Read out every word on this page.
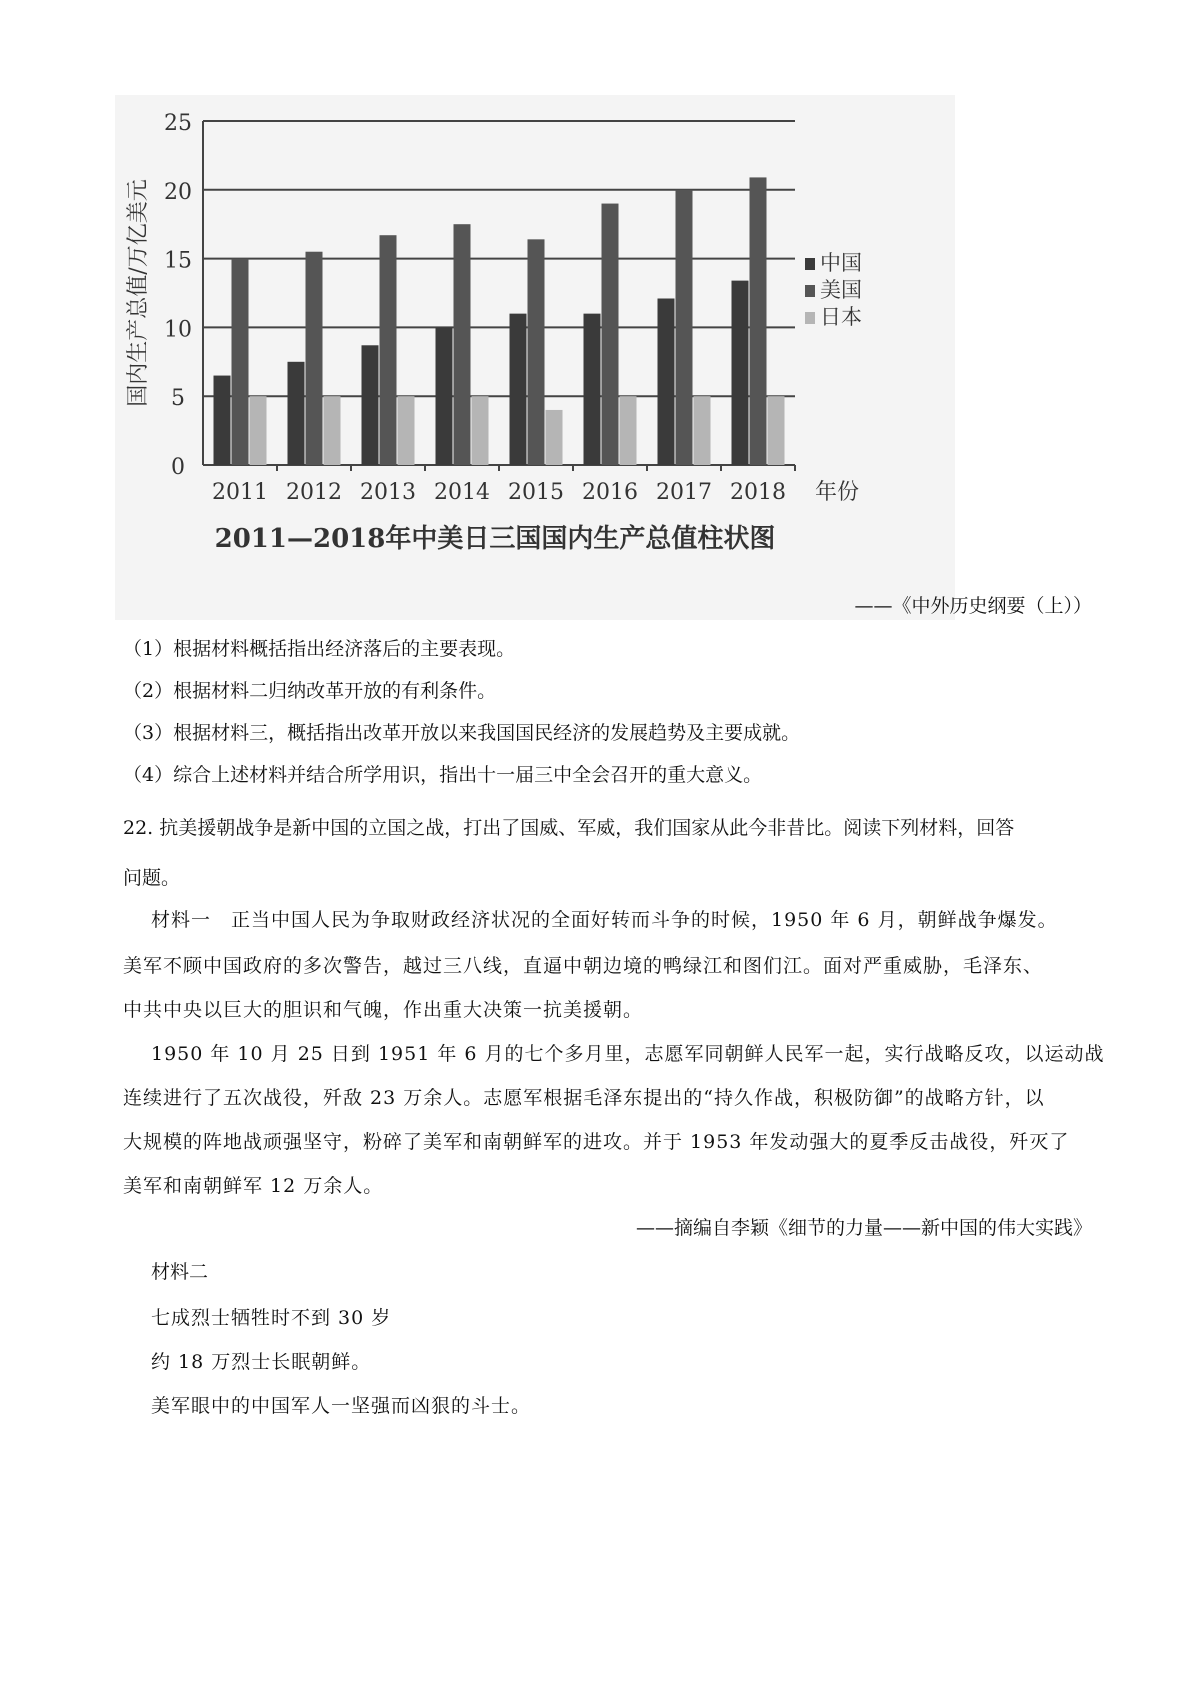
0
5
10
15
20
25
2011 2012 2013 2014 2015 2016 2017 2018 年份
国内生产总值/万亿美元	中国
美国
日本
2011—2018年中美日三国国内生产总值柱状图
——《中外历史纲要（上））
（1）根据材料概括指出经济落后的主要表现。
（2）根据材料二归纳改革开放的有利条件。
（3）根据材料三，概括指出改革开放以来我国国民经济的发展趋势及主要成就。
（4）综合上述材料并结合所学用识，指出十一届三中全会召开的重大意义。
22. 抗美援朝战争是新中国的立国之战，打出了国威、军威，我们国家从此今非昔比。阅读下列材料，回答
问题。
材料一　正当中国人民为争取财政经济状况的全面好转而斗争的时候，1950 年 6 月，朝鲜战争爆发。
美军不顾中国政府的多次警告，越过三八线，直逼中朝边境的鸭绿江和图们江。面对严重威胁，毛泽东、
中共中央以巨大的胆识和气魄，作出重大决策一抗美援朝。
1950 年 10 月 25 日到 1951 年 6 月的七个多月里，志愿军同朝鲜人民军一起，实行战略反攻，以运动战
连续进行了五次战役，歼敌 23 万余人。志愿军根据毛泽东提出的“持久作战，积极防御”的战略方针，以
大规模的阵地战顽强坚守，粉碎了美军和南朝鲜军的进攻。并于 1953 年发动强大的夏季反击战役，歼灭了
美军和南朝鲜军 12 万余人。
——摘编自李颖《细节的力量——新中国的伟大实践》
材料二
七成烈士牺牲时不到 30 岁
约 18 万烈士长眠朝鲜。
美军眼中的中国军人一坚强而凶狠的斗士。
